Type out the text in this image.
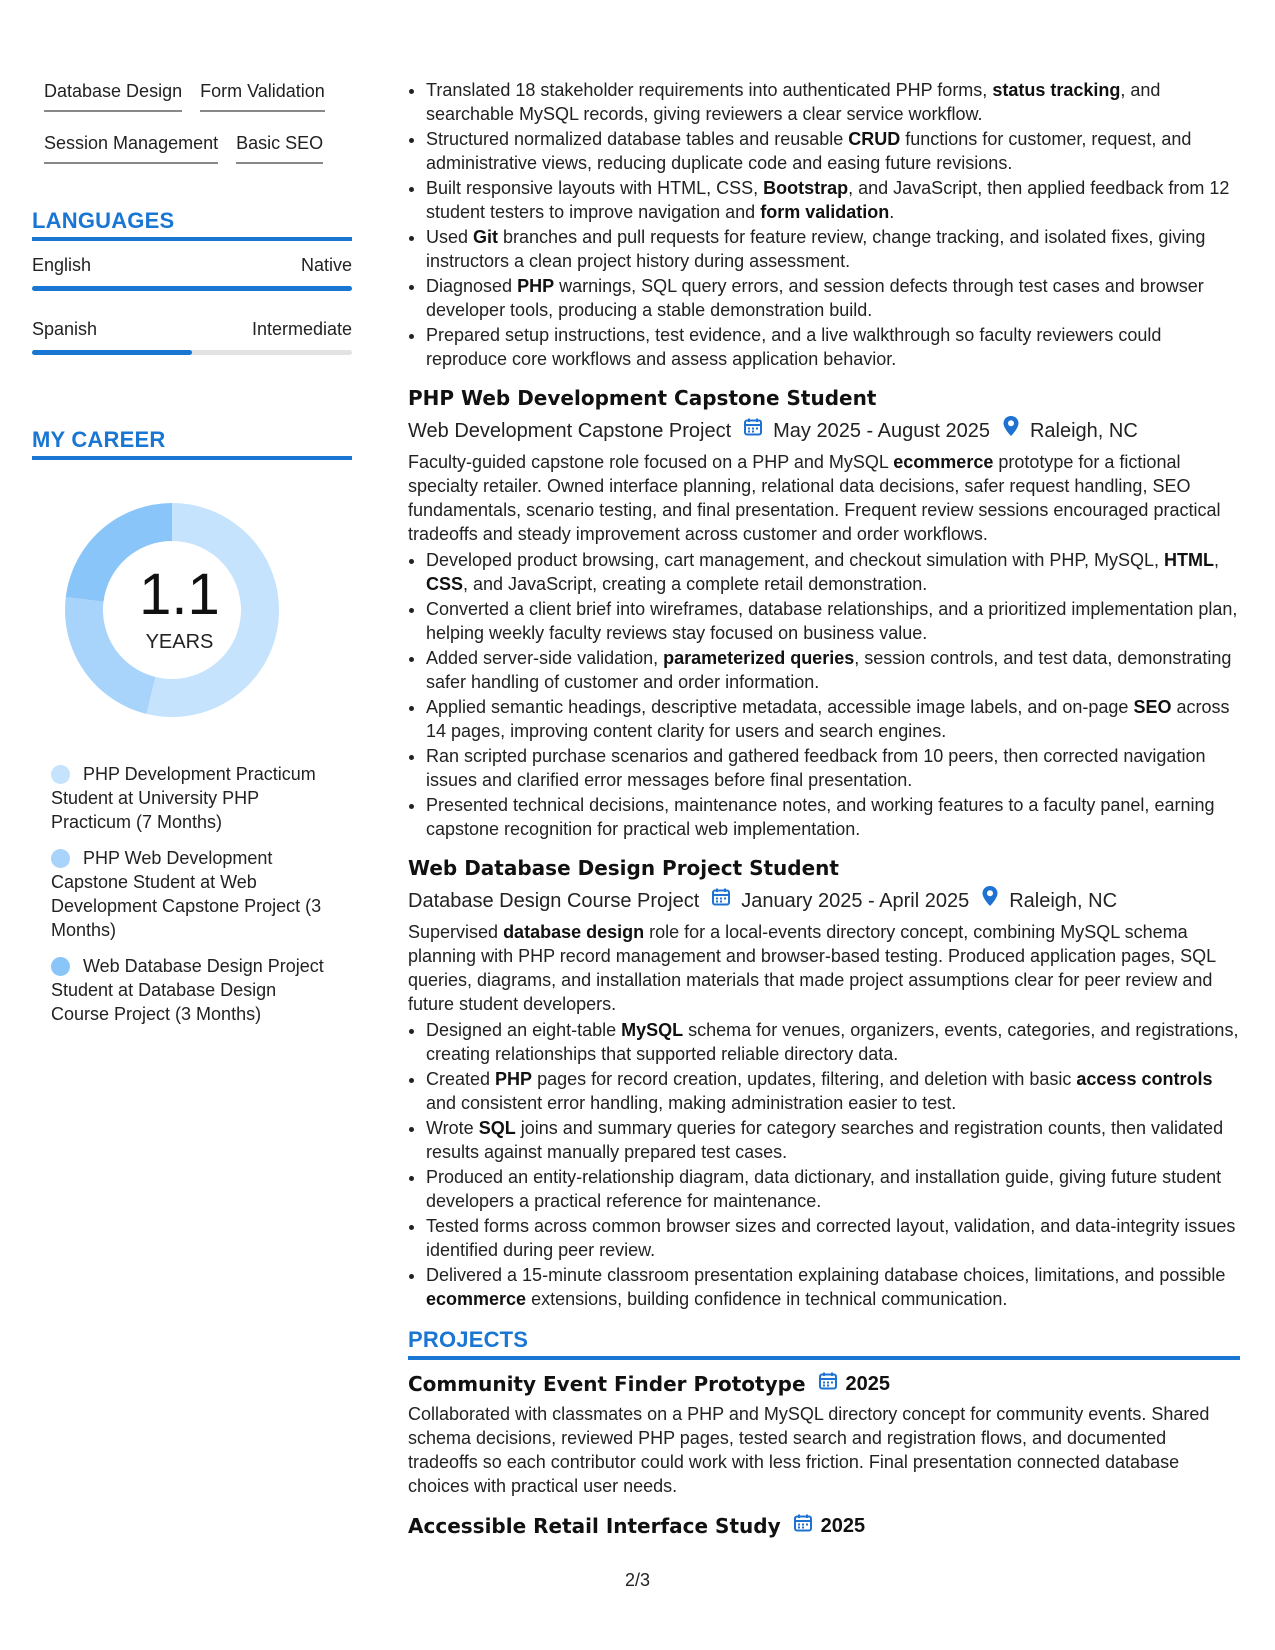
Database Design Form Validation
Session Management Basic SEO
LANGUAGES
English	Native
Spanish	Intermediate
MY CAREER
1.1
YEARS
PHP Development Practicum Student at University PHP Practicum (7 Months)
PHP Web Development Capstone Student at Web Development Capstone Project (3 Months)
Web Database Design Project Student at Database Design Course Project (3 Months)
• Translated 18 stakeholder requirements into authenticated PHP forms, status tracking, and searchable MySQL records, giving reviewers a clear service workflow.
• Structured normalized database tables and reusable CRUD functions for customer, request, and administrative views, reducing duplicate code and easing future revisions.
• Built responsive layouts with HTML, CSS, Bootstrap, and JavaScript, then applied feedback from 12 student testers to improve navigation and form validation.
• Used Git branches and pull requests for feature review, change tracking, and isolated fixes, giving instructors a clean project history during assessment.
• Diagnosed PHP warnings, SQL query errors, and session defects through test cases and browser developer tools, producing a stable demonstration build.
• Prepared setup instructions, test evidence, and a live walkthrough so faculty reviewers could reproduce core workflows and assess application behavior.
PHP Web Development Capstone Student
Web Development Capstone Project May 2025 - August 2025 Raleigh, NC
Faculty-guided capstone role focused on a PHP and MySQL ecommerce prototype for a fictional specialty retailer. Owned interface planning, relational data decisions, safer request handling, SEO fundamentals, scenario testing, and final presentation. Frequent review sessions encouraged practical tradeoffs and steady improvement across customer and order workflows.
• Developed product browsing, cart management, and checkout simulation with PHP, MySQL, HTML, CSS, and JavaScript, creating a complete retail demonstration.
• Converted a client brief into wireframes, database relationships, and a prioritized implementation plan, helping weekly faculty reviews stay focused on business value.
• Added server-side validation, parameterized queries, session controls, and test data, demonstrating safer handling of customer and order information.
• Applied semantic headings, descriptive metadata, accessible image labels, and on-page SEO across 14 pages, improving content clarity for users and search engines.
• Ran scripted purchase scenarios and gathered feedback from 10 peers, then corrected navigation issues and clarified error messages before final presentation.
• Presented technical decisions, maintenance notes, and working features to a faculty panel, earning capstone recognition for practical web implementation.
Web Database Design Project Student
Database Design Course Project January 2025 - April 2025 Raleigh, NC
Supervised database design role for a local-events directory concept, combining MySQL schema planning with PHP record management and browser-based testing. Produced application pages, SQL queries, diagrams, and installation materials that made project assumptions clear for peer review and future student developers.
• Designed an eight-table MySQL schema for venues, organizers, events, categories, and registrations, creating relationships that supported reliable directory data.
• Created PHP pages for record creation, updates, filtering, and deletion with basic access controls and consistent error handling, making administration easier to test.
• Wrote SQL joins and summary queries for category searches and registration counts, then validated results against manually prepared test cases.
• Produced an entity-relationship diagram, data dictionary, and installation guide, giving future student developers a practical reference for maintenance.
• Tested forms across common browser sizes and corrected layout, validation, and data-integrity issues identified during peer review.
• Delivered a 15-minute classroom presentation explaining database choices, limitations, and possible ecommerce extensions, building confidence in technical communication.
PROJECTS
Community Event Finder Prototype 2025
Collaborated with classmates on a PHP and MySQL directory concept for community events. Shared schema decisions, reviewed PHP pages, tested search and registration flows, and documented tradeoffs so each contributor could work with less friction. Final presentation connected database choices with practical user needs.
Accessible Retail Interface Study 2025
2/3
